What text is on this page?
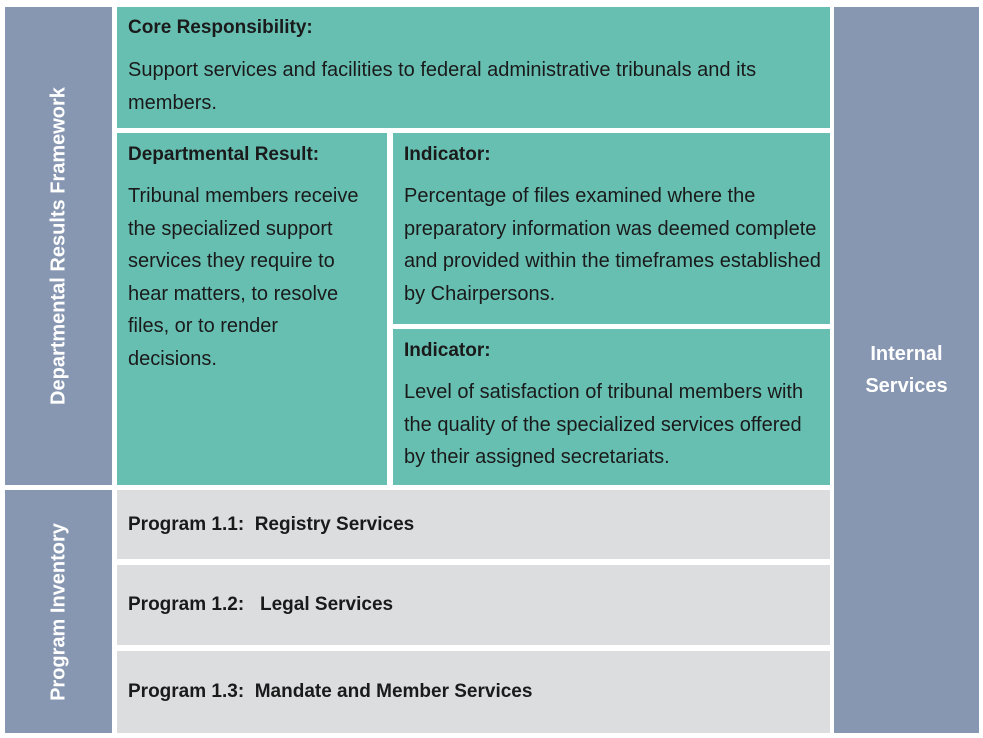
Departmental Results Framework
Program Inventory
Internal
Services

Core Responsibility:

Support services and facilities to federal administrative tribunals and its members.

Departmental Result:

Tribunal members receive the specialized support services they require to hear matters, to resolve files, or to render decisions.

Indicator:

Percentage of files examined where the preparatory information was deemed complete and provided within the timeframes established by Chairpersons.

Indicator:

Level of satisfaction of tribunal members with the quality of the specialized services offered by their assigned secretariats.

Program 1.1:  Registry Services
Program 1.2:   Legal Services
Program 1.3:  Mandate and Member Services
